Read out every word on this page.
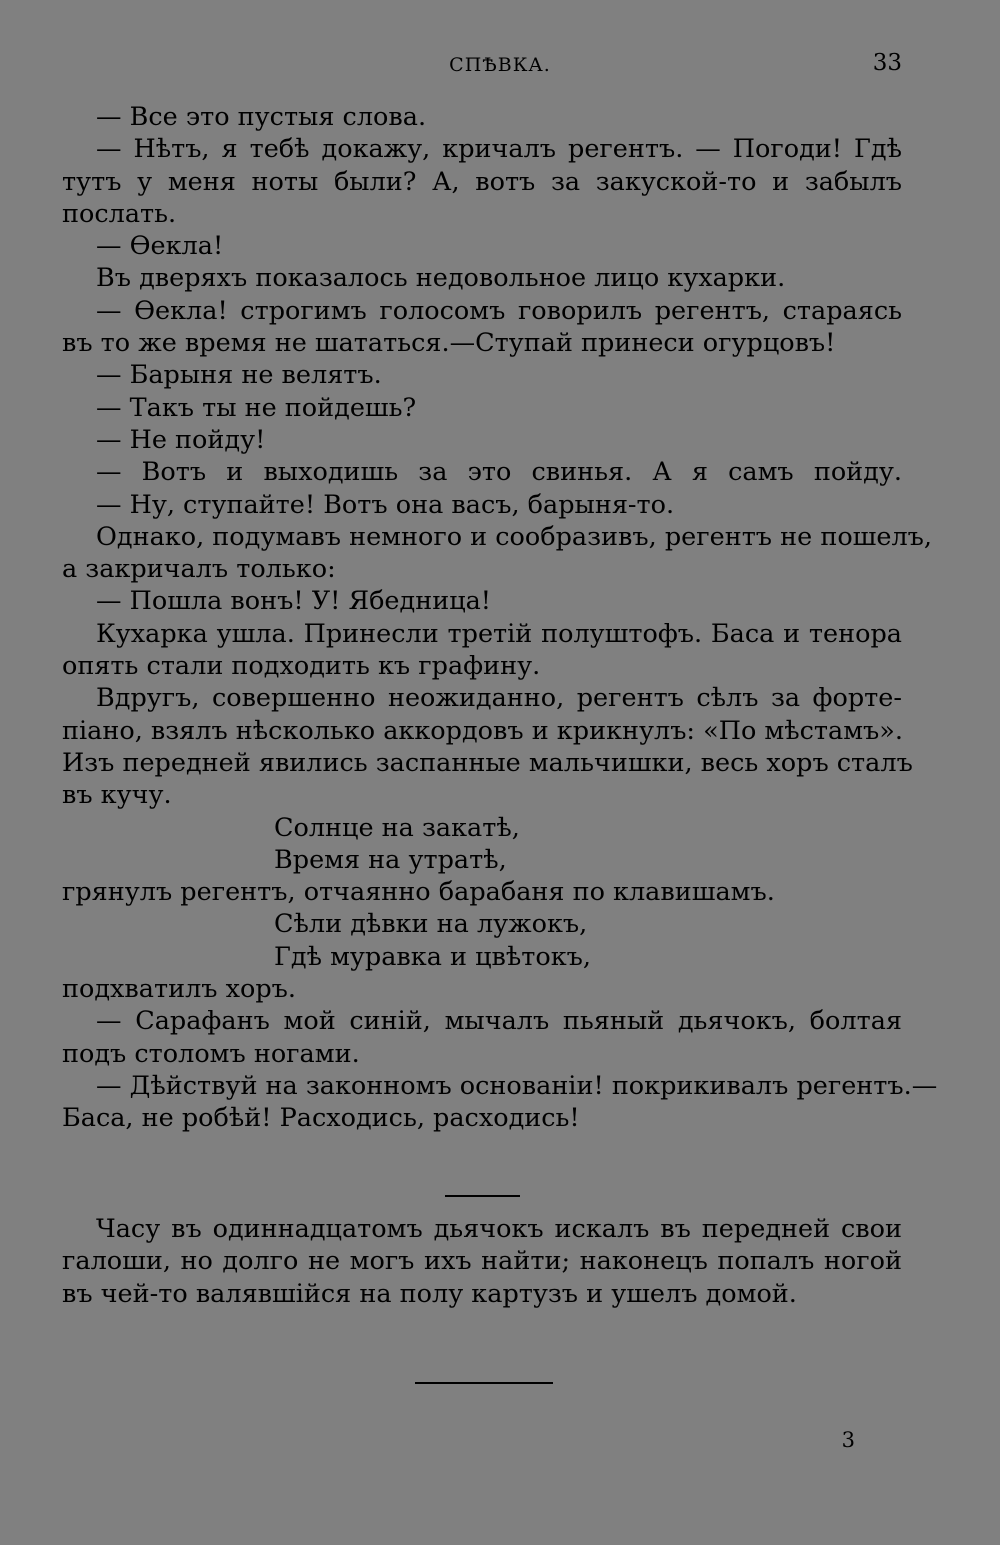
СПѢВКА.	33
— Все это пустыя слова.
— Нѣтъ, я тебѣ докажу, кричалъ регентъ. — Погоди! Гдѣ
тутъ у меня ноты были? А, вотъ за закуской-то и забылъ
послать.
— Ѳекла!
Въ дверяхъ показалось недовольное лицо кухарки.
— Ѳекла! строгимъ голосомъ говорилъ регентъ, стараясь
въ то же время не шататься.—Ступай принеси огурцовъ!
— Барыня не велятъ.
— Такъ ты не пойдешь?
— Не пойду!
— Вотъ и выходишь за это свинья. А я самъ пойду.
— Ну, ступайте! Вотъ она васъ, барыня-то.
Однако, подумавъ немного и сообразивъ, регентъ не пошелъ,
а закричалъ только:
— Пошла вонъ! У! Ябедница!
Кухарка ушла. Принесли третій полуштофъ. Баса и тенора
опять стали подходить къ графину.
Вдругъ, совершенно неожиданно, регентъ сѣлъ за форте-
піано, взялъ нѣсколько аккордовъ и крикнулъ: «По мѣстамъ».
Изъ передней явились заспанные мальчишки, весь хоръ сталъ
въ кучу.
Солнце на закатѣ,
Время на утратѣ,
грянулъ регентъ, отчаянно барабаня по клавишамъ.
Сѣли дѣвки на лужокъ,
Гдѣ муравка и цвѣтокъ,
подхватилъ хоръ.
— Сарафанъ мой синій, мычалъ пьяный дьячокъ, болтая
подъ столомъ ногами.
— Дѣйствуй на законномъ основаніи! покрикивалъ регентъ.—
Баса, не робѣй! Расходись, расходись!
Часу въ одиннадцатомъ дьячокъ искалъ въ передней свои
галоши, но долго не могъ ихъ найти; наконецъ попалъ ногой
въ чей-то валявшійся на полу картузъ и ушелъ домой.
3
